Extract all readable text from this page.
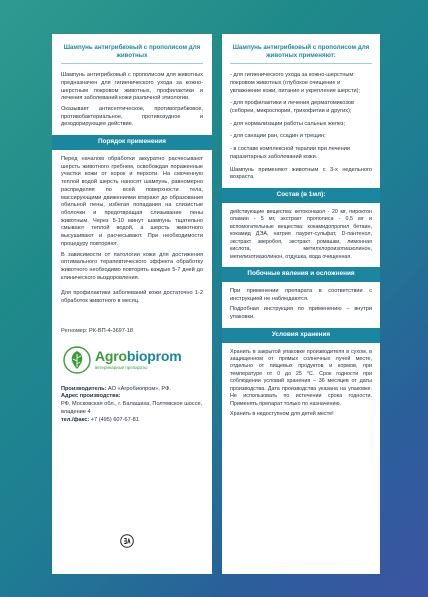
Шампунь антигрибковый с прополисом для животных
Шампунь антигрибковый с прополисом для животных предназначен для гигиенического ухода за кожно-шерстным покровом животных, профилактики и лечения заболеваний кожи различной этиологии.
Оказывает антисептическое, противогрибковое, противобактериальное, противозудное и дезодорирующее действие.
Порядок применения
Перед началом обработки аккуратно расчесывают шерсть животного гребнем, освобождая пораженные участки кожи от корок и перхоти. На смоченную теплой водой шерсть наносят шампунь, равномерно распределяя по всей поверхности тела, массирующими движениями втирают до образования обильной пены, избегая попадания на слизистые оболочки и предотвращая слизывание пены животным. Через 5-10 минут шампунь тщательно смывают теплой водой, а шерсть животного высушивают и расчесывают. При необходимости процедуру повторяют.
В зависимости от патологии кожи для достижения оптимального терапевтического эффекта обработку животного необходимо повторять каждые 5-7 дней до клинического выздоровления.
Для профилактики заболеваний кожи достаточно 1-2 обработок животного в месяц.
Регномер: РК-ВП-4-3697-18
Agrobioprom
ветеринарные препараты
Производитель: АО «Агробиопром», РФ.
Адрес производства:
РФ, Московская обл., г. Балашиха, Полтевское шоссе, владение 4
тел./факс: +7 (495) 607-67-81
Шампунь антигрибковый с прополисом для животных применяют:

- для гигиенического ухода за кожно-шерстным покровом животных (глубокое очищение и увлажнение кожи, питание и укрепление шерсти);

- для профилактики и лечения дерматомикозов (себореи, микроспории, трихофитии и других);

- для нормализации работы сальных желез;

- для санации ран, ссадин и трещин;

- в составе комплексной терапии при лечении паразитарных заболеваний кожи.

Шампунь применяют животным с 3-х недельного возраста.
Состав (в 1мл):
действующие вещества: кетоконазол - 20 мг, пироктон оламин - 5 мг, экстракт прополиса - 0,5 мг и вспомогательные вещества: кокамидопропил бетаин, кокамид ДЭА, натрия лаурет-сульфат, D-пантенол, экстракт зверобоя, экстракт ромашки, лимонная кислота, метилхлороизотиазолинон, метилизотиазолинон, отдушка, вода очищенная.
Побочные явления и осложнения
При применении препарата в соответствии с инструкцией не наблюдаются.
Подробная инструкция по применению – внутри упаковки.
Условия хранения
Хранить в закрытой упаковке производителя в сухом, в защищенном от прямых солнечных лучей месте, отдельно от пищевых продуктов и кормов, при температуре от 0 до 25 °С. Срок годности при соблюдении условий хранения – 36 месяцев от даты производства. Дата производства указана на упаковке. Не использовать по истечении срока годности. Применять препарат только по назначению.
Хранить в недоступном для детей месте!
